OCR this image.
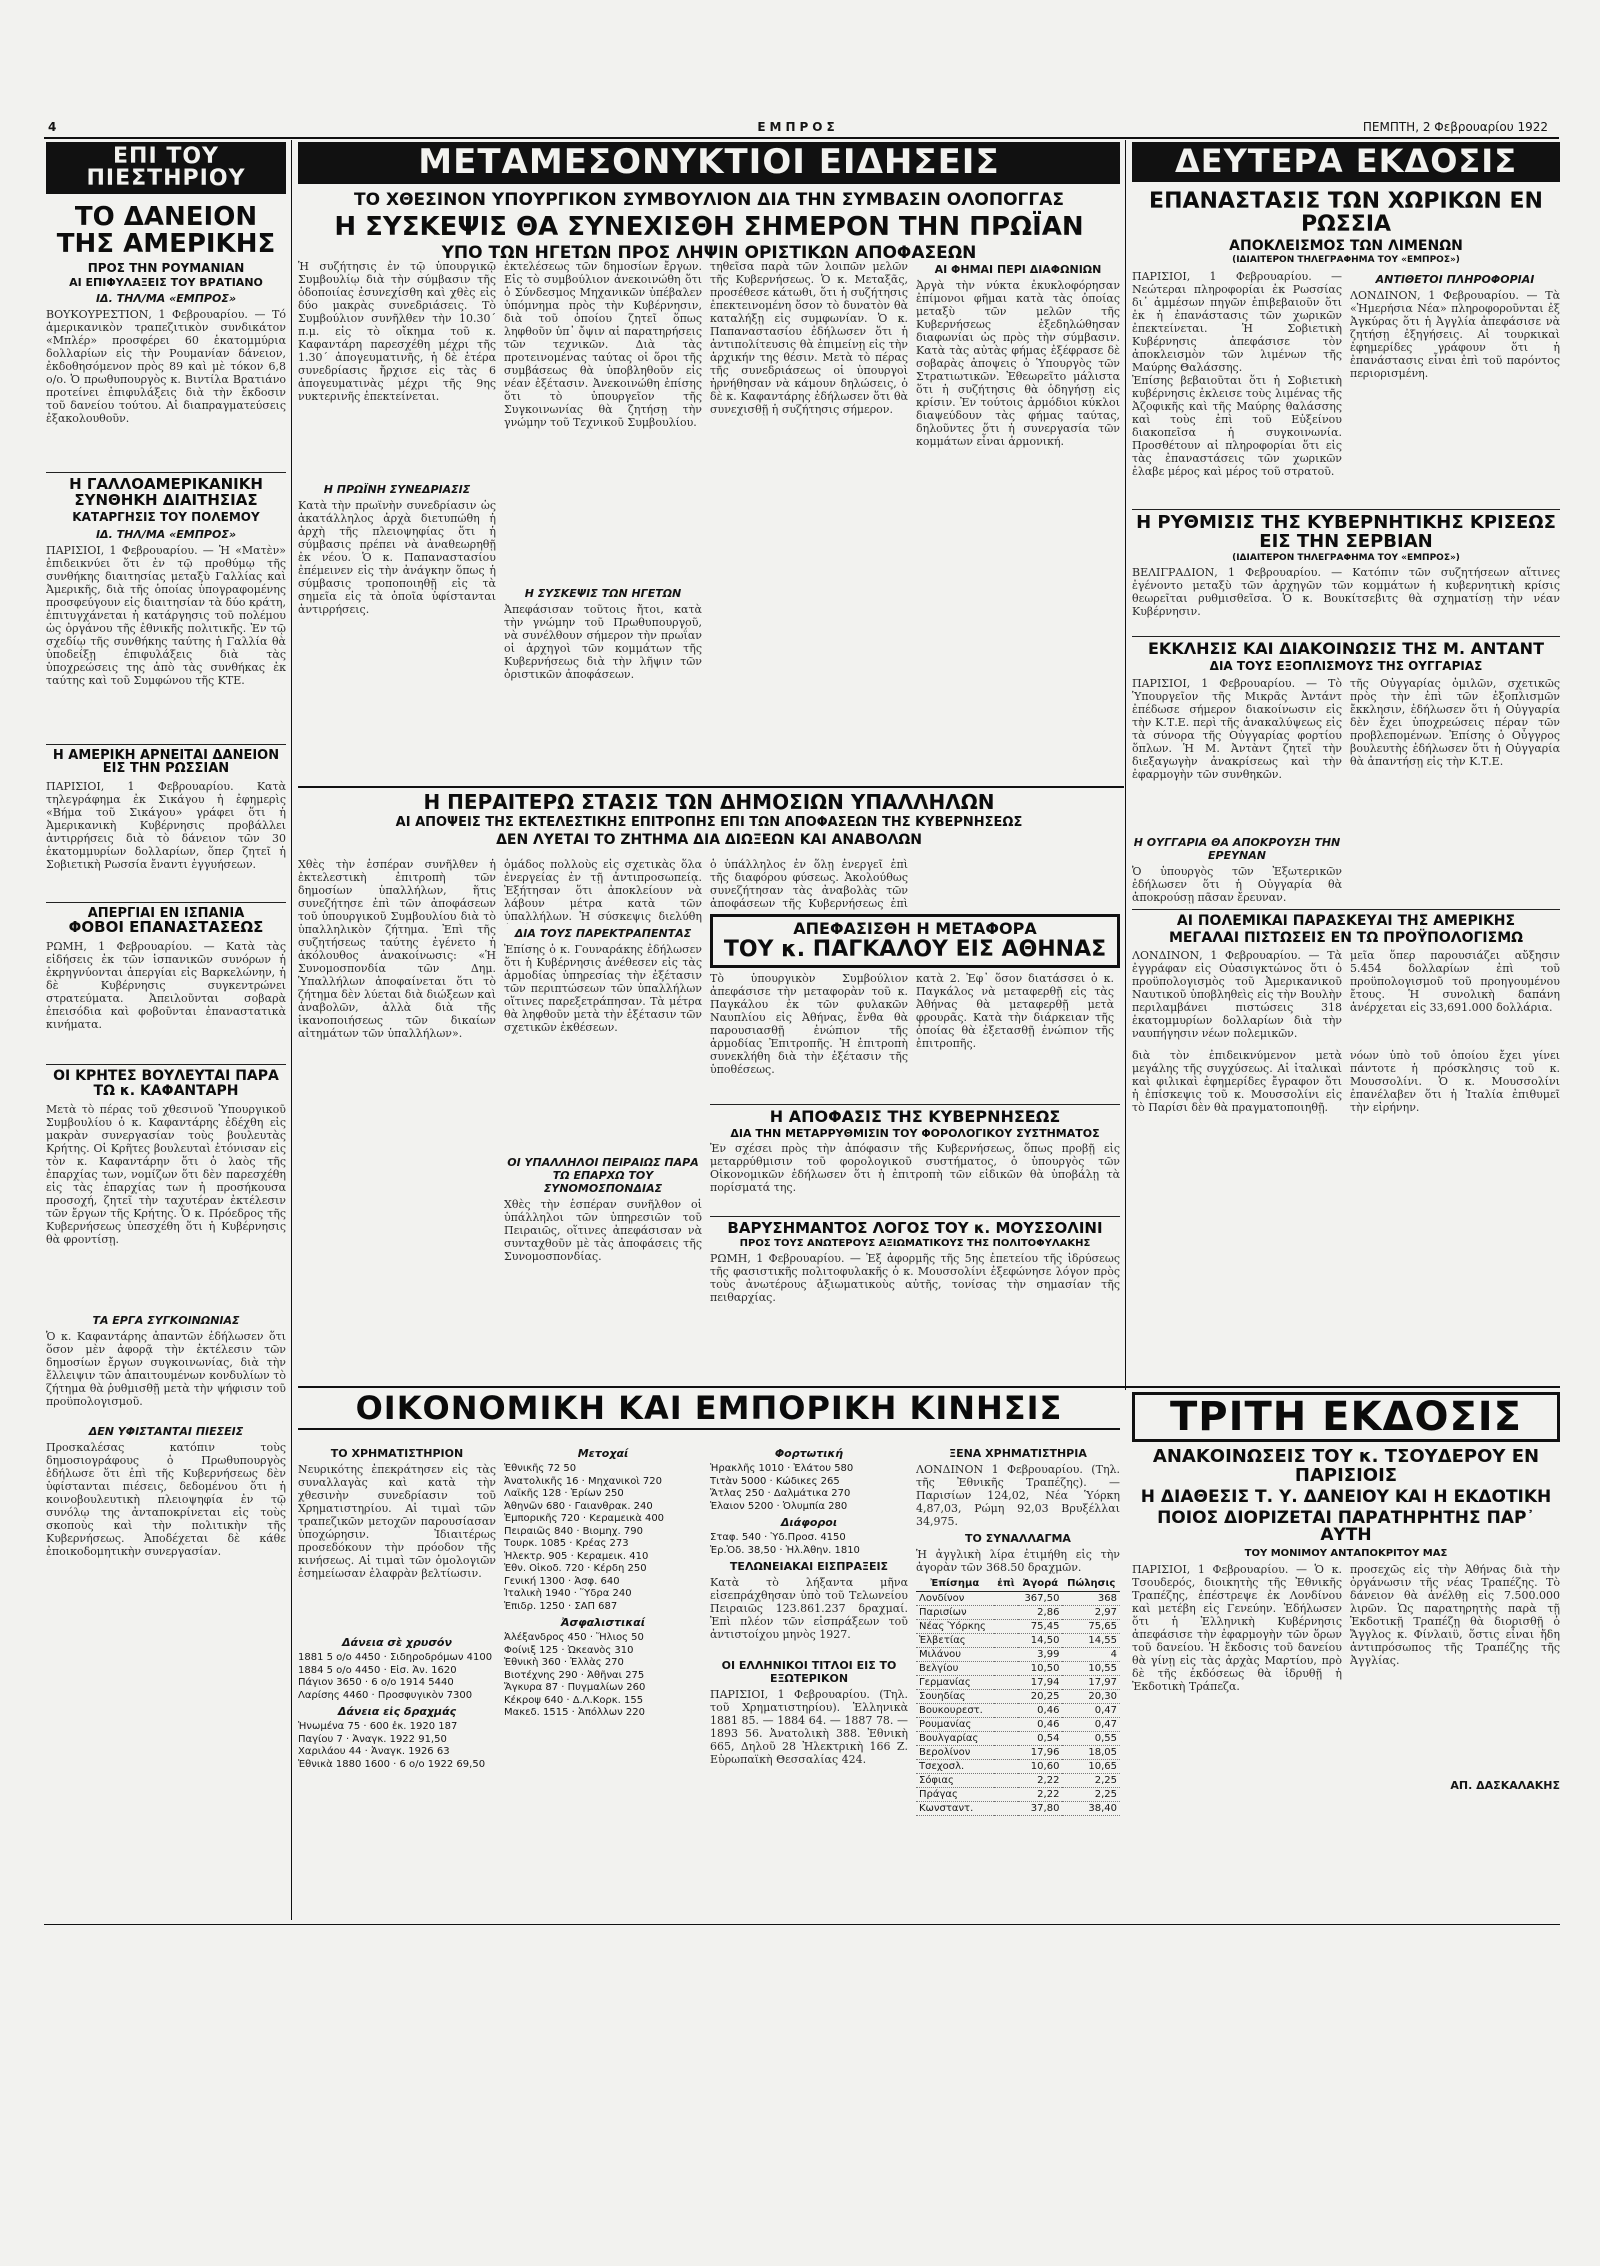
4	ΕΜΠΡΟΣ	ΠΕΜΠΤΗ, 2 Φεβρουαρίου 1922
ΕΠΙ ΤΟΥ ΠΙΕΣΤΗΡΙΟΥ
ΤΟ ΔΑΝΕΙΟΝ ΤΗΣ ΑΜΕΡΙΚΗΣ
ΠΡΟΣ ΤΗΝ ΡΟΥΜΑΝΙΑΝ
ΑΙ ΕΠΙΦΥΛΑΞΕΙΣ ΤΟΥ ΒΡΑΤΙΑΝΟ
ΙΔ. ΤΗΛ/ΜΑ «ΕΜΠΡΟΣ»
ΒΟΥΚΟΥΡΕΣΤΙΟΝ, 1 Φεβρουαρίου. — Τό ἀμερικανικὸν τραπεζιτικὸν συνδικάτον «Μπλέρ» προσφέρει 60 ἑκατομμύρια δολλαρίων εἰς τὴν Ρουμανίαν δάνειον, ἐκδοθησόμενον πρὸς 89 καὶ μὲ τόκον 6,8 ο/ο. Ὁ πρωθυπουργὸς κ. Βιντίλα Βρατιάνο προτείνει ἐπιφυλάξεις διὰ τὴν ἔκδοσιν τοῦ δανείου τούτου. Αἱ διαπραγματεύσεις ἐξακολουθοῦν.
Η ΓΑΛΛΟΑΜΕΡΙΚΑΝΙΚΗ ΣΥΝΘΗΚΗ ΔΙΑΙΤΗΣΙΑΣ
ΚΑΤΑΡΓΗΣΙΣ ΤΟΥ ΠΟΛΕΜΟΥ
ΙΔ. ΤΗΛ/ΜΑ «ΕΜΠΡΟΣ»
ΠΑΡΙΣΙΟΙ, 1 Φεβρουαρίου. — Ἡ «Ματὲν» ἐπιδεικνύει ὅτι ἐν τῷ προθύμῳ τῆς συνθήκης διαιτησίας μεταξὺ Γαλλίας καὶ Ἀμερικῆς, διὰ τῆς ὁποίας ὑπογραφομένης προσφεύγουν εἰς διαιτησίαν τὰ δύο κράτη, ἐπιτυγχάνεται ἡ κατάργησις τοῦ πολέμου ὡς ὀργάνου τῆς ἐθνικῆς πολιτικῆς. Ἐν τῷ σχεδίῳ τῆς συνθήκης ταύτης ἡ Γαλλία θὰ ὑποδείξῃ ἐπιφυλάξεις διὰ τὰς ὑποχρεώσεις της ἀπὸ τὰς συνθήκας ἐκ ταύτης καὶ τοῦ Συμφώνου τῆς ΚΤΕ.
Η ΑΜΕΡΙΚΗ ΑΡΝΕΙΤΑΙ ΔΑΝΕΙΟΝ ΕΙΣ ΤΗΝ ΡΩΣΣΙΑΝ
ΠΑΡΙΣΙΟΙ, 1 Φεβρουαρίου. Κατὰ τηλεγράφημα ἐκ Σικάγου ἡ ἐφημερὶς «Βήμα τοῦ Σικάγου» γράφει ὅτι ἡ Ἀμερικανικὴ Κυβέρνησις προβάλλει ἀντιρρήσεις διὰ τὸ δάνειον τῶν 30 ἑκατομμυρίων δολλαρίων, ὅπερ ζητεῖ ἡ Σοβιετικὴ Ρωσσία ἔναντι ἐγγυήσεων.
ΑΠΕΡΓΙΑΙ ΕΝ ΙΣΠΑΝΙΑ
ΦΟΒΟΙ ΕΠΑΝΑΣΤΑΣΕΩΣ
ΡΩΜΗ, 1 Φεβρουαρίου. — Κατὰ τὰς εἰδήσεις ἐκ τῶν ἰσπανικῶν συνόρων ἡ ἐκρηγνύονται ἀπεργίαι εἰς Βαρκελώνην, ἡ δὲ Κυβέρνησις συγκεντρώνει στρατεύματα. Ἀπειλοῦνται σοβαρὰ ἐπεισόδια καὶ φοβοῦνται ἐπαναστατικὰ κινήματα.
ΟΙ ΚΡΗΤΕΣ ΒΟΥΛΕΥΤΑΙ ΠΑΡΑ ΤΩ κ. ΚΑΦΑΝΤΑΡΗ
Μετὰ τὸ πέρας τοῦ χθεσινοῦ Ὑπουργικοῦ Συμβουλίου ὁ κ. Καφαντάρης ἐδέχθη εἰς μακρὰν συνεργασίαν τοὺς βουλευτὰς Κρήτης. Οἱ Κρῆτες βουλευταὶ ἐτόνισαν εἰς τὸν κ. Καφαντάρην ὅτι ὁ λαὸς τῆς ἐπαρχίας των, νομίζων ὅτι δὲν παρεσχέθη εἰς τὰς ἐπαρχίας των ἡ προσήκουσα προσοχή, ζητεῖ τὴν ταχυτέραν ἐκτέλεσιν τῶν ἔργων τῆς Κρήτης. Ὁ κ. Πρόεδρος τῆς Κυβερνήσεως ὑπεσχέθη ὅτι ἡ Κυβέρνησις θὰ φροντίσῃ.
ΤΑ ΕΡΓΑ ΣΥΓΚΟΙΝΩΝΙΑΣ
Ὁ κ. Καφαντάρης ἀπαντῶν ἐδήλωσεν ὅτι ὅσον μὲν ἀφορᾷ τὴν ἐκτέλεσιν τῶν δημοσίων ἔργων συγκοινωνίας, διὰ τὴν ἔλλειψιν τῶν ἀπαιτουμένων κονδυλίων τὸ ζήτημα θὰ ῥυθμισθῇ μετὰ τὴν ψήφισιν τοῦ προϋπολογισμοῦ.
ΔΕΝ ΥΦΙΣΤΑΝΤΑΙ ΠΙΕΣΕΙΣ
Προσκαλέσας κατόπιν τοὺς δημοσιογράφους ὁ Πρωθυπουργὸς ἐδήλωσε ὅτι ἐπὶ τῆς Κυβερνήσεως δὲν ὑφίστανται πιέσεις, δεδομένου ὅτι ἡ κοινοβουλευτικὴ πλειοψηφία ἐν τῷ συνόλῳ της ἀνταποκρίνεται εἰς τοὺς σκοποὺς καὶ τὴν πολιτικὴν τῆς Κυβερνήσεως. Ἀποδέχεται δὲ κάθε ἐποικοδομητικὴν συνεργασίαν.
ΜΕΤΑΜΕΣΟΝΥΚΤΙΟΙ ΕΙΔΗΣΕΙΣ
ΤΟ ΧΘΕΣΙΝΟΝ ΥΠΟΥΡΓΙΚΟΝ ΣΥΜΒΟΥΛΙΟΝ ΔΙΑ ΤΗΝ ΣΥΜΒΑΣΙΝ ΟΛΟΠΟΓΓΑΣ
Η ΣΥΣΚΕΨΙΣ ΘΑ ΣΥΝΕΧΙΣΘΗ ΣΗΜΕΡΟΝ ΤΗΝ ΠΡΩΪΑΝ
ΥΠΟ ΤΩΝ ΗΓΕΤΩΝ ΠΡΟΣ ΛΗΨΙΝ ΟΡΙΣΤΙΚΩΝ ΑΠΟΦΑΣΕΩΝ
Ἡ συζήτησις ἐν τῷ ὑπουργικῷ Συμβουλίῳ διὰ τὴν σύμβασιν τῆς ὁδοποιίας ἐσυνεχίσθη καὶ χθὲς εἰς δύο μακρὰς συνεδριάσεις. Τὸ Συμβούλιον συνῆλθεν τὴν 10.30΄ π.μ. εἰς τὸ οἴκημα τοῦ κ. Καφαντάρη παρεσχέθη μέχρι τῆς 1.30΄ ἀπογευματινῆς, ἡ δὲ ἑτέρα συνεδρίασις ἤρχισε εἰς τὰς 6 ἀπογευματινὰς μέχρι τῆς 9ης νυκτερινῆς ἐπεκτείνεται.
Η ΠΡΩΪΝΗ ΣΥΝΕΔΡΙΑΣΙΣ
Κατὰ τὴν πρωϊνὴν συνεδρίασιν ὡς ἀκατάλληλος ἀρχὰ διετυπώθη ἡ ἀρχὴ τῆς πλειοψηφίας ὅτι ἡ σύμβασις πρέπει νὰ ἀναθεωρηθῇ ἐκ νέου. Ὁ κ. Παπαναστασίου ἐπέμεινεν εἰς τὴν ἀνάγκην ὅπως ἡ σύμβασις τροποποιηθῇ εἰς τὰ σημεῖα εἰς τὰ ὁποῖα ὑφίστανται ἀντιρρήσεις.
ἐκτελέσεως τῶν δημοσίων ἔργων. Εἰς τὸ συμβούλιον ἀνεκοινώθη ὅτι ὁ Σύνδεσμος Μηχανικῶν ὑπέβαλεν ὑπόμνημα πρὸς τὴν Κυβέρνησιν, διὰ τοῦ ὁποίου ζητεῖ ὅπως ληφθοῦν ὑπ᾽ ὄψιν αἱ παρατηρήσεις τῶν τεχνικῶν. Διὰ τὰς προτεινομένας ταύτας οἱ ὅροι τῆς συμβάσεως θὰ ὑποβληθοῦν εἰς νέαν ἐξέτασιν. Ἀνεκοινώθη ἐπίσης ὅτι τὸ ὑπουργεῖον τῆς Συγκοινωνίας θὰ ζητήσῃ τὴν γνώμην τοῦ Τεχνικοῦ Συμβουλίου.
Η ΣΥΣΚΕΨΙΣ ΤΩΝ ΗΓΕΤΩΝ
Ἀπεφάσισαν τοῦτοις ἤτοι, κατὰ τὴν γνώμην τοῦ Πρωθυπουργοῦ, νὰ συνέλθουν σήμερον τὴν πρωΐαν οἱ ἀρχηγοὶ τῶν κομμάτων τῆς Κυβερνήσεως διὰ τὴν λῆψιν τῶν ὁριστικῶν ἀποφάσεων.
τηθεῖσα παρὰ τῶν λοιπῶν μελῶν τῆς Κυβερνήσεως. Ὁ κ. Μεταξᾶς, προσέθεσε κάτωθι, ὅτι ἡ συζήτησις ἐπεκτεινομένη ὅσον τὸ δυνατὸν θὰ καταλήξῃ εἰς συμφωνίαν. Ὁ κ. Παπαναστασίου ἐδήλωσεν ὅτι ἡ ἀντιπολίτευσις θὰ ἐπιμείνῃ εἰς τὴν ἀρχικήν της θέσιν. Μετὰ τὸ πέρας τῆς συνεδριάσεως οἱ ὑπουργοὶ ἠρνήθησαν νὰ κάμουν δηλώσεις, ὁ δὲ κ. Καφαντάρης ἐδήλωσεν ὅτι θὰ συνεχισθῇ ἡ συζήτησις σήμερον.
ΑΙ ΦΗΜΑΙ ΠΕΡΙ ΔΙΑΦΩΝΙΩΝ
Ἀργὰ τὴν νύκτα ἐκυκλοφόρησαν ἐπίμονοι φῆμαι κατὰ τὰς ὁποίας μεταξὺ τῶν μελῶν τῆς Κυβερνήσεως ἐξεδηλώθησαν διαφωνίαι ὡς πρὸς τὴν σύμβασιν. Κατὰ τὰς αὐτὰς φήμας ἐξέφρασε δὲ σοβαρὰς ἀποψεις ὁ Ὑπουργὸς τῶν Στρατιωτικῶν. Ἐθεωρεῖτο μάλιστα ὅτι ἡ συζήτησις θὰ ὁδηγήσῃ εἰς κρίσιν. Ἐν τούτοις ἀρμόδιοι κύκλοι διαψεύδουν τὰς φήμας ταύτας, δηλοῦντες ὅτι ἡ συνεργασία τῶν κομμάτων εἶναι ἀρμονική.
Η ΠΕΡΑΙΤΕΡΩ ΣΤΑΣΙΣ ΤΩΝ ΔΗΜΟΣΙΩΝ ΥΠΑΛΛΗΛΩΝ
ΑΙ ΑΠΟΨΕΙΣ ΤΗΣ ΕΚΤΕΛΕΣΤΙΚΗΣ ΕΠΙΤΡΟΠΗΣ ΕΠΙ ΤΩΝ ΑΠΟΦΑΣΕΩΝ ΤΗΣ ΚΥΒΕΡΝΗΣΕΩΣ
ΔΕΝ ΛΥΕΤΑΙ ΤΟ ΖΗΤΗΜΑ ΔΙΑ ΔΙΩΞΕΩΝ ΚΑΙ ΑΝΑΒΟΛΩΝ
Χθὲς τὴν ἑσπέραν συνῆλθεν ἡ ἐκτελεστικὴ ἐπιτροπὴ τῶν δημοσίων ὑπαλλήλων, ἥτις συνεζήτησε ἐπὶ τῶν ἀποφάσεων τοῦ ὑπουργικοῦ Συμβουλίου διὰ τὸ ὑπαλληλικὸν ζήτημα. Ἐπὶ τῆς συζητήσεως ταύτης ἐγένετο ἡ ἀκόλουθος ἀνακοίνωσις: «Ἡ Συνομοσπονδία τῶν Δημ. Ὑπαλλήλων ἀποφαίνεται ὅτι τὸ ζήτημα δὲν λύεται διὰ διώξεων καὶ ἀναβολῶν, ἀλλὰ διὰ τῆς ἱκανοποιήσεως τῶν δικαίων αἰτημάτων τῶν ὑπαλλήλων».
ὁμάδος πολλοὺς εἰς σχετικὰς ὅλα ἐνεργείας ἐν τῇ ἀντιπροσωπείᾳ. Ἐξήτησαν ὅτι ἀποκλείουν νὰ λάβουν μέτρα κατὰ τῶν ὑπαλλήλων. Ἡ σύσκεψις διελύθη
ΔΙΑ ΤΟΥΣ ΠΑΡΕΚΤΡΑΠΕΝΤΑΣ
Ἐπίσης ὁ κ. Γουναράκης ἐδήλωσεν ὅτι ἡ Κυβέρνησις ἀνέθεσεν εἰς τὰς ἁρμοδίας ὑπηρεσίας τὴν ἐξέτασιν τῶν περιπτώσεων τῶν ὑπαλλήλων οἵτινες παρεξετράπησαν. Τὰ μέτρα θὰ ληφθοῦν μετὰ τὴν ἐξέτασιν τῶν σχετικῶν ἐκθέσεων.
ΟΙ ΥΠΑΛΛΗΛΟΙ ΠΕΙΡΑΙΩΣ ΠΑΡΑ ΤΩ ΕΠΑΡΧΩ ΤΟΥ ΣΥΝΟΜΟΣΠΟΝΔΙΑΣ
Χθὲς τὴν ἑσπέραν συνῆλθον οἱ ὑπάλληλοι τῶν ὑπηρεσιῶν τοῦ Πειραιῶς, οἵτινες ἀπεφάσισαν νὰ συνταχθοῦν μὲ τὰς ἀποφάσεις τῆς Συνομοσπονδίας.
ὁ ὑπάλληλος ἐν ὅλῃ ἐνεργεῖ ἐπὶ τῆς διαφόρου φύσεως. Ἀκολούθως συνεζήτησαν τὰς ἀναβολὰς τῶν ἀποφάσεων τῆς Κυβερνήσεως ἐπὶ
ΑΠΕΦΑΣΙΣΘΗ Η ΜΕΤΑΦΟΡΑ
ΤΟΥ κ. ΠΑΓΚΑΛΟΥ ΕΙΣ ΑΘΗΝΑΣ
Τὸ ὑπουργικὸν Συμβούλιον ἀπεφάσισε τὴν μεταφορὰν τοῦ κ. Παγκάλου ἐκ τῶν φυλακῶν Ναυπλίου εἰς Ἀθήνας, ἔνθα θὰ παρουσιασθῇ ἐνώπιον τῆς ἁρμοδίας Ἐπιτροπῆς. Ἡ ἐπιτροπὴ συνεκλήθη διὰ τὴν ἐξέτασιν τῆς ὑποθέσεως.
κατὰ 2. Ἐφ᾽ ὅσον διατάσσει ὁ κ. Παγκάλος νὰ μεταφερθῇ εἰς τὰς Ἀθήνας θὰ μεταφερθῇ μετὰ φρουρᾶς. Κατὰ τὴν διάρκειαν τῆς ὁποίας θὰ ἐξετασθῇ ἐνώπιον τῆς ἐπιτροπῆς.
Η ΑΠΟΦΑΣΙΣ ΤΗΣ ΚΥΒΕΡΝΗΣΕΩΣ
ΔΙΑ ΤΗΝ ΜΕΤΑΡΡΥΘΜΙΣΙΝ ΤΟΥ ΦΟΡΟΛΟΓΙΚΟΥ ΣΥΣΤΗΜΑΤΟΣ
Ἐν σχέσει πρὸς τὴν ἀπόφασιν τῆς Κυβερνήσεως, ὅπως προβῇ εἰς μεταρρύθμισιν τοῦ φορολογικοῦ συστήματος, ὁ ὑπουργὸς τῶν Οἰκονομικῶν ἐδήλωσεν ὅτι ἡ ἐπιτροπὴ τῶν εἰδικῶν θὰ ὑποβάλῃ τὰ πορίσματά της.
ΒΑΡΥΣΗΜΑΝΤΟΣ ΛΟΓΟΣ ΤΟΥ κ. ΜΟΥΣΣΟΛΙΝΙ
ΠΡΟΣ ΤΟΥΣ ΑΝΩΤΕΡΟΥΣ ΑΞΙΩΜΑΤΙΚΟΥΣ ΤΗΣ ΠΟΛΙΤΟΦΥΛΑΚΗΣ
ΡΩΜΗ, 1 Φεβρουαρίου. — Ἐξ ἀφορμῆς τῆς 5ης ἐπετείου τῆς ἱδρύσεως τῆς φασιστικῆς πολιτοφυλακῆς ὁ κ. Μουσσολίνι ἐξεφώνησε λόγον πρὸς τοὺς ἀνωτέρους ἀξιωματικοὺς αὐτῆς, τονίσας τὴν σημασίαν τῆς πειθαρχίας.
ΟΙΚΟΝΟΜΙΚΗ ΚΑΙ ΕΜΠΟΡΙΚΗ ΚΙΝΗΣΙΣ
ΤΟ ΧΡΗΜΑΤΙΣΤΗΡΙΟΝ
Νευρικότης ἐπεκράτησεν εἰς τὰς συναλλαγὰς καὶ κατὰ τὴν χθεσινὴν συνεδρίασιν τοῦ Χρηματιστηρίου. Αἱ τιμαὶ τῶν τραπεζικῶν μετοχῶν παρουσίασαν ὑποχώρησιν. Ἰδιαιτέρως προσεδόκουν τὴν πρόοδον τῆς κινήσεως. Αἱ τιμαὶ τῶν ὁμολογιῶν ἐσημείωσαν ἐλαφρὰν βελτίωσιν.
Δάνεια σὲ χρυσόν
1881 5 ο/ο 4450 · Σιδηροδρόμων 4100
1884 5 ο/ο 4450 · Εἰσ. Ἀν. 1620
Πάγιον 3650 · 6 ο/ο 1914 5440
Λαρίσης 4460 · Προσφυγικὸν 7300
Δάνεια εἰς δραχμάς
Ἠνωμένα 75 · 600 ἐκ. 1920 187
Παγίου 7 · Ἀναγκ. 1922 91,50
Χαριλάου 44 · Ἀναγκ. 1926 63
Ἐθνικὰ 1880 1600 · 6 ο/ο 1922 69,50
Μετοχαί
Ἐθνικῆς 72 50
Ἀνατολικῆς 16 · Μηχανικοὶ 720
Λαϊκῆς 128 · Ἐρίων 250
Ἀθηνῶν 680 · Γαιανθρακ. 240
Ἐμπορικῆς 720 · Κεραμεικὰ 400
Πειραιῶς 840 · Βιομηχ. 790
Τουρκ. 1085 · Κρέας 273
Ἠλεκτρ. 905 · Κεραμεικ. 410
Ἐθν. Οἰκοδ. 720 · Κέρδη 250
Γενική 1300 · Ἀσφ. 640
Ἰταλικὴ 1940 · Ὕδρα 240
Ἐπιδρ. 1250 · ΣΑΠ 687
Ἀσφαλιστικαί
Ἀλέξανδρος 450 · Ἥλιος 50
Φοίνιξ 125 · Ὠκεανὸς 310
Ἐθνικὴ 360 · Ἑλλὰς 270
Βιοτέχνης 290 · Ἀθῆναι 275
Ἄγκυρα 87 · Πυγμαλίων 260
Κέκροψ 640 · Δ.Λ.Κορκ. 155
Μακεδ. 1515 · Ἀπόλλων 220
Φορτωτική
Ἡρακλῆς 1010 · Ἐλάτου 580
Τιτὰν 5000 · Κώδικες 265
Ἄτλας 250 · Δαλμάτικα 270
Ἐλαιον 5200 · Ὀλυμπία 280
Διάφοροι
Σταφ. 540 · Ὑδ.Προσ. 4150
Ἐρ.Ὁδ. 38,50 · Ἠλ.Ἀθην. 1810
ΤΕΛΩΝΕΙΑΚΑΙ ΕΙΣΠΡΑΞΕΙΣ
Κατὰ τὸ λήξαντα μῆνα εἰσεπράχθησαν ὑπὸ τοῦ Τελωνείου Πειραιῶς 123.861.237 δραχμαί. Ἐπὶ πλέον τῶν εἰσπράξεων τοῦ ἀντιστοίχου μηνὸς 1927.
ΟΙ ΕΛΛΗΝΙΚΟΙ ΤΙΤΛΟΙ ΕΙΣ ΤΟ ΕΞΩΤΕΡΙΚΟΝ
ΠΑΡΙΣΙΟΙ, 1 Φεβρουαρίου. (Τηλ. τοῦ Χρηματιστηρίου). Ἑλληνικὰ 1881 85. — 1884 64. — 1887 78. — 1893 56. Ἀνατολικὴ 388. Ἐθνικὴ 665, Δηλοῦ 28 Ἠλεκτρικὴ 166 Ζ. Εὐρωπαϊκὴ Θεσσαλίας 424.
ΞΕΝΑ ΧΡΗΜΑΤΙΣΤΗΡΙΑ
ΛΟΝΔΙΝΟΝ 1 Φεβρουαρίου. (Τηλ. τῆς Ἐθνικῆς Τραπέζης). — Παρισίων 124,02, Νέα Ὑόρκη 4,87,03, Ρώμη 92,03 Βρυξέλλαι 34,975.
ΤΟ ΣΥΝΑΛΛΑΓΜΑ
Ἡ ἀγγλικὴ λίρα ἐτιμήθη εἰς τὴν ἀγορὰν τῶν 368.50 δραχμῶν.
Ἐπίσημα	ἐπὶ	Ἀγορά	Πώλησις
Λονδίνον		367,50	368
Παρισίων		2,86	2,97
Νέας Ὑόρκης		75,45	75,65
Ἑλβετίας		14,50	14,55
Μιλάνου		3,99	4
Βελγίου		10,50	10,55
Γερμανίας		17,94	17,97
Σουηδίας		20,25	20,30
Βουκουρεστ.		0,46	0,47
Ρουμανίας		0,46	0,47
Βουλγαρίας		0,54	0,55
Βερολίνον		17,96	18,05
Τσεχοσλ.		10,60	10,65
Σόφιας		2,22	2,25
Πράγας		2,22	2,25
Κωνσταντ.		37,80	38,40
ΔΕΥΤΕΡΑ ΕΚΔΟΣΙΣ
ΕΠΑΝΑΣΤΑΣΙΣ ΤΩΝ ΧΩΡΙΚΩΝ ΕΝ ΡΩΣΣΙΑ
ΑΠΟΚΛΕΙΣΜΟΣ ΤΩΝ ΛΙΜΕΝΩΝ
(ΙΔΙΑΙΤΕΡΟΝ ΤΗΛΕΓΡΑΦΗΜΑ ΤΟΥ «ΕΜΠΡΟΣ»)
ΠΑΡΙΣΙΟΙ, 1 Φεβρουαρίου. — Νεώτεραι πληροφορίαι ἐκ Ρωσσίας δι᾽ ἀμμέσων πηγῶν ἐπιβεβαιοῦν ὅτι ἐκ ἡ ἐπανάστασις τῶν χωρικῶν ἐπεκτείνεται. Ἡ Σοβιετικὴ Κυβέρνησις ἀπεφάσισε τὸν ἀποκλεισμὸν τῶν λιμένων τῆς Μαύρης Θαλάσσης.
Ἐπίσης βεβαιοῦται ὅτι ἡ Σοβιετικὴ κυβέρνησις ἐκλεισε τοὺς λιμένας τῆς Ἀζοφικῆς καὶ τῆς Μαύρης θαλάσσης καὶ τοὺς ἐπὶ τοῦ Εὐξείνου διακοπεῖσα ἡ συγκοινωνία. Προσθέτουν αἱ πληροφορίαι ὅτι εἰς τὰς ἐπαναστάσεις τῶν χωρικῶν ἐλαβε μέρος καὶ μέρος τοῦ στρατοῦ.
ΑΝΤΙΘΕΤΟΙ ΠΛΗΡΟΦΟΡΙΑΙ
ΛΟΝΔΙΝΟΝ, 1 Φεβρουαρίου. — Τὰ «Ἡμερήσια Νέα» πληροφοροῦνται ἐξ Ἀγκύρας ὅτι ἡ Ἀγγλία ἀπεφάσισε νὰ ζητήσῃ ἐξηγήσεις. Αἱ τουρκικαὶ ἐφημερίδες γράφουν ὅτι ἡ ἐπανάστασις εἶναι ἐπὶ τοῦ παρόντος περιορισμένη.
Η ΡΥΘΜΙΣΙΣ ΤΗΣ ΚΥΒΕΡΝΗΤΙΚΗΣ ΚΡΙΣΕΩΣ ΕΙΣ ΤΗΝ ΣΕΡΒΙΑΝ
(ΙΔΙΑΙΤΕΡΟΝ ΤΗΛΕΓΡΑΦΗΜΑ ΤΟΥ «ΕΜΠΡΟΣ»)
ΒΕΛΙΓΡΑΔΙΟΝ, 1 Φεβρουαρίου. — Κατόπιν τῶν συζητήσεων αἵτινες ἐγένοντο μεταξὺ τῶν ἀρχηγῶν τῶν κομμάτων ἡ κυβερνητικὴ κρίσις θεωρεῖται ρυθμισθεῖσα. Ὁ κ. Βουκίτσεβιτς θὰ σχηματίσῃ τὴν νέαν Κυβέρνησιν.
ΕΚΚΛΗΣΙΣ ΚΑΙ ΔΙΑΚΟΙΝΩΣΙΣ ΤΗΣ Μ. ΑΝΤΑΝΤ
ΔΙΑ ΤΟΥΣ ΕΞΟΠΛΙΣΜΟΥΣ ΤΗΣ ΟΥΓΓΑΡΙΑΣ
ΠΑΡΙΣΙΟΙ, 1 Φεβρουαρίου. — Τὸ Ὑπουργεῖον τῆς Μικρᾶς Ἀντάντ ἐπέδωσε σήμερον διακοίνωσιν εἰς τὴν Κ.Τ.Ε. περὶ τῆς ἀνακαλύψεως εἰς τὰ σύνορα τῆς Οὐγγαρίας φορτίου ὅπλων. Ἡ Μ. Ἀντὰντ ζητεῖ τὴν διεξαγωγὴν ἀνακρίσεως καὶ τὴν ἐφαρμογὴν τῶν συνθηκῶν.
Η ΟΥΓΓΑΡΙΑ ΘΑ ΑΠΟΚΡΟΥΣΗ ΤΗΝ ΕΡΕΥΝΑΝ
Ὁ ὑπουργὸς τῶν Ἐξωτερικῶν ἐδήλωσεν ὅτι ἡ Οὐγγαρία θὰ ἀποκρούσῃ πᾶσαν ἔρευναν.
τῆς Οὐγγαρίας ὁμιλῶν, σχετικῶς πρὸς τὴν ἐπὶ τῶν ἐξοπλισμῶν ἔκκλησιν, ἐδήλωσεν ὅτι ἡ Οὐγγαρία δὲν ἔχει ὑποχρεώσεις πέραν τῶν προβλεπομένων. Ἐπίσης ὁ Οὖγγρος βουλευτὴς ἐδήλωσεν ὅτι ἡ Οὐγγαρία θὰ ἀπαντήσῃ εἰς τὴν Κ.Τ.Ε.
ΑΙ ΠΟΛΕΜΙΚΑΙ ΠΑΡΑΣΚΕΥΑΙ ΤΗΣ ΑΜΕΡΙΚΗΣ
ΜΕΓΑΛΑΙ ΠΙΣΤΩΣΕΙΣ ΕΝ ΤΩ ΠΡΟΫΠΟΛΟΓΙΣΜΩ
ΛΟΝΔΙΝΟΝ, 1 Φεβρουαρίου. — Τὰ ἐγγράφαν εἰς Οὐασιγκτώνος ὅτι ὁ προϋπολογισμὸς τοῦ Ἀμερικανικοῦ Ναυτικοῦ ὑποβληθεὶς εἰς τὴν Βουλὴν περιλαμβάνει πιστώσεις 318 ἑκατομμυρίων δολλαρίων διὰ τὴν ναυπήγησιν νέων πολεμικῶν.
διὰ τὸν ἐπιδεικνύμενον μετὰ μεγάλης τῆς συγχύσεως. Αἱ ἰταλικαὶ καὶ φιλικαὶ ἐφημερίδες ἔγραφον ὅτι ἡ ἐπίσκεψις τοῦ κ. Μουσσολίνι εἰς τὸ Παρίσι δὲν θὰ πραγματοποιηθῇ.
μεῖα ὅπερ παρουσιάζει αὔξησιν 5.454 δολλαρίων ἐπὶ τοῦ προϋπολογισμοῦ τοῦ προηγουμένου ἔτους. Ἡ συνολικὴ δαπάνη ἀνέρχεται εἰς 33,691.000 δολλάρια.
νόων ὑπὸ τοῦ ὁποίου ἔχει γίνει πάντοτε ἡ πρόσκλησις τοῦ κ. Μουσσολίνι. Ὁ κ. Μουσσολίνι ἐπανέλαβεν ὅτι ἡ Ἰταλία ἐπιθυμεῖ τὴν εἰρήνην.
ΤΡΙΤΗ ΕΚΔΟΣΙΣ
ΑΝΑΚΟΙΝΩΣΕΙΣ ΤΟΥ κ. ΤΣΟΥΔΕΡΟΥ ΕΝ ΠΑΡΙΣΙΟΙΣ
Η ΔΙΑΘΕΣΙΣ Τ. Υ. ΔΑΝΕΙΟΥ ΚΑΙ Η ΕΚΔΟΤΙΚΗ
ΠΟΙΟΣ ΔΙΟΡΙΖΕΤΑΙ ΠΑΡΑΤΗΡΗΤΗΣ ΠΑΡ᾽ ΑΥΤΗ
ΤΟΥ ΜΟΝΙΜΟΥ ΑΝΤΑΠΟΚΡΙΤΟΥ ΜΑΣ
ΠΑΡΙΣΙΟΙ, 1 Φεβρουαρίου. — Ὁ κ. Τσουδερός, διοικητὴς τῆς Ἐθνικῆς Τραπέζης, ἐπέστρεψε ἐκ Λονδίνου καὶ μετέβη εἰς Γενεύην. Ἐδήλωσεν ὅτι ἡ Ἑλληνικὴ Κυβέρνησις ἀπεφάσισε τὴν ἐφαρμογὴν τῶν ὅρων τοῦ δανείου. Ἡ ἔκδοσις τοῦ δανείου θὰ γίνῃ εἰς τὰς ἀρχὰς Μαρτίου, πρὸ δὲ τῆς ἐκδόσεως θὰ ἱδρυθῇ ἡ Ἐκδοτικὴ Τράπεζα.
προσεχῶς εἰς τὴν Ἀθήνας διὰ τὴν ὀργάνωσιν τῆς νέας Τραπέζης. Τὸ δάνειον θὰ ἀνέλθῃ εἰς 7.500.000 λιρῶν. Ὡς παρατηρητὴς παρὰ τῇ Ἐκδοτικῇ Τραπέζῃ θὰ διορισθῇ ὁ Ἄγγλος κ. Φίνλαιϋ, ὅστις εἶναι ἤδη ἀντιπρόσωπος τῆς Τραπέζης τῆς Ἀγγλίας.
ΑΠ. ΔΑΣΚΑΛΑΚΗΣ
